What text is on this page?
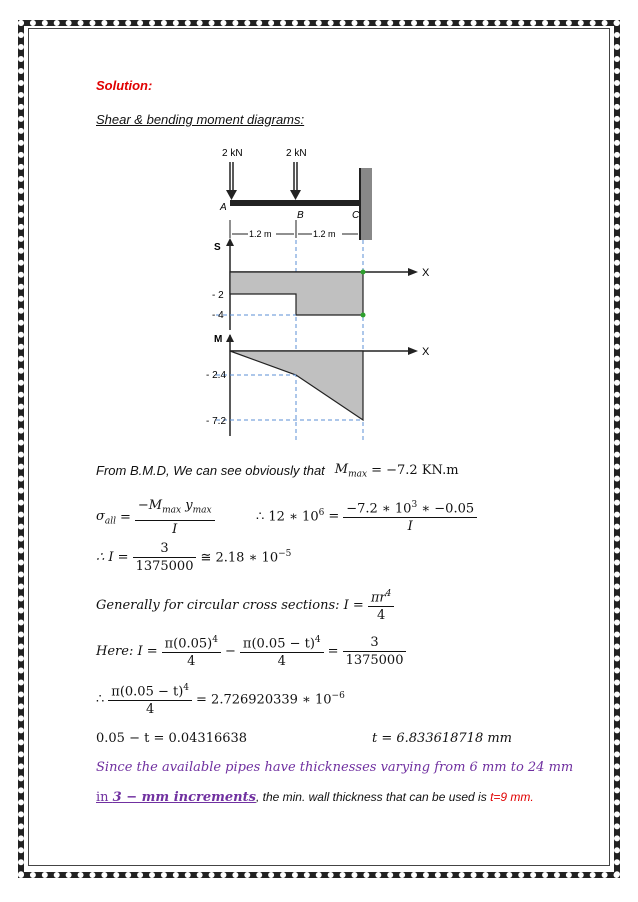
Solution:
Shear & bending moment diagrams:
2 kN	2 kN
A
B	C
1.2 m	1.2 m
S
X
- 2
- 4
M
X
- 2.4
- 7.2
From B.M.D, We can see obviously that $M_{max} = -7.2$ KN.m
$\sigma_{all} = \frac{-M_{max} y_{max}}{I}$	∴ 12 ∗ $10^6 = \frac{-7.2 ∗ 10^3 ∗ -0.05}{I}$
∴ $I = \frac{3}{1375000}$ ≅ 2.18 ∗ $10^{-5}$
Generally for circular cross sections: $I = \frac{\pi r^4}{4}$
Here: $I = \frac{\pi(0.05)^4}{4} - \frac{\pi(0.05 - t)^4}{4} = \frac{3}{1375000}$
∴ $\frac{\pi(0.05 - t)^4}{4} = 2.726920339$ ∗ $10^{-6}$
0.05 − t = 0.04316638	t = 6.833618718 mm
Since the available pipes have thicknesses varying from 6 mm to 24 mm
in 3 − mm increments, the min. wall thickness that can be used is t=9 mm.
